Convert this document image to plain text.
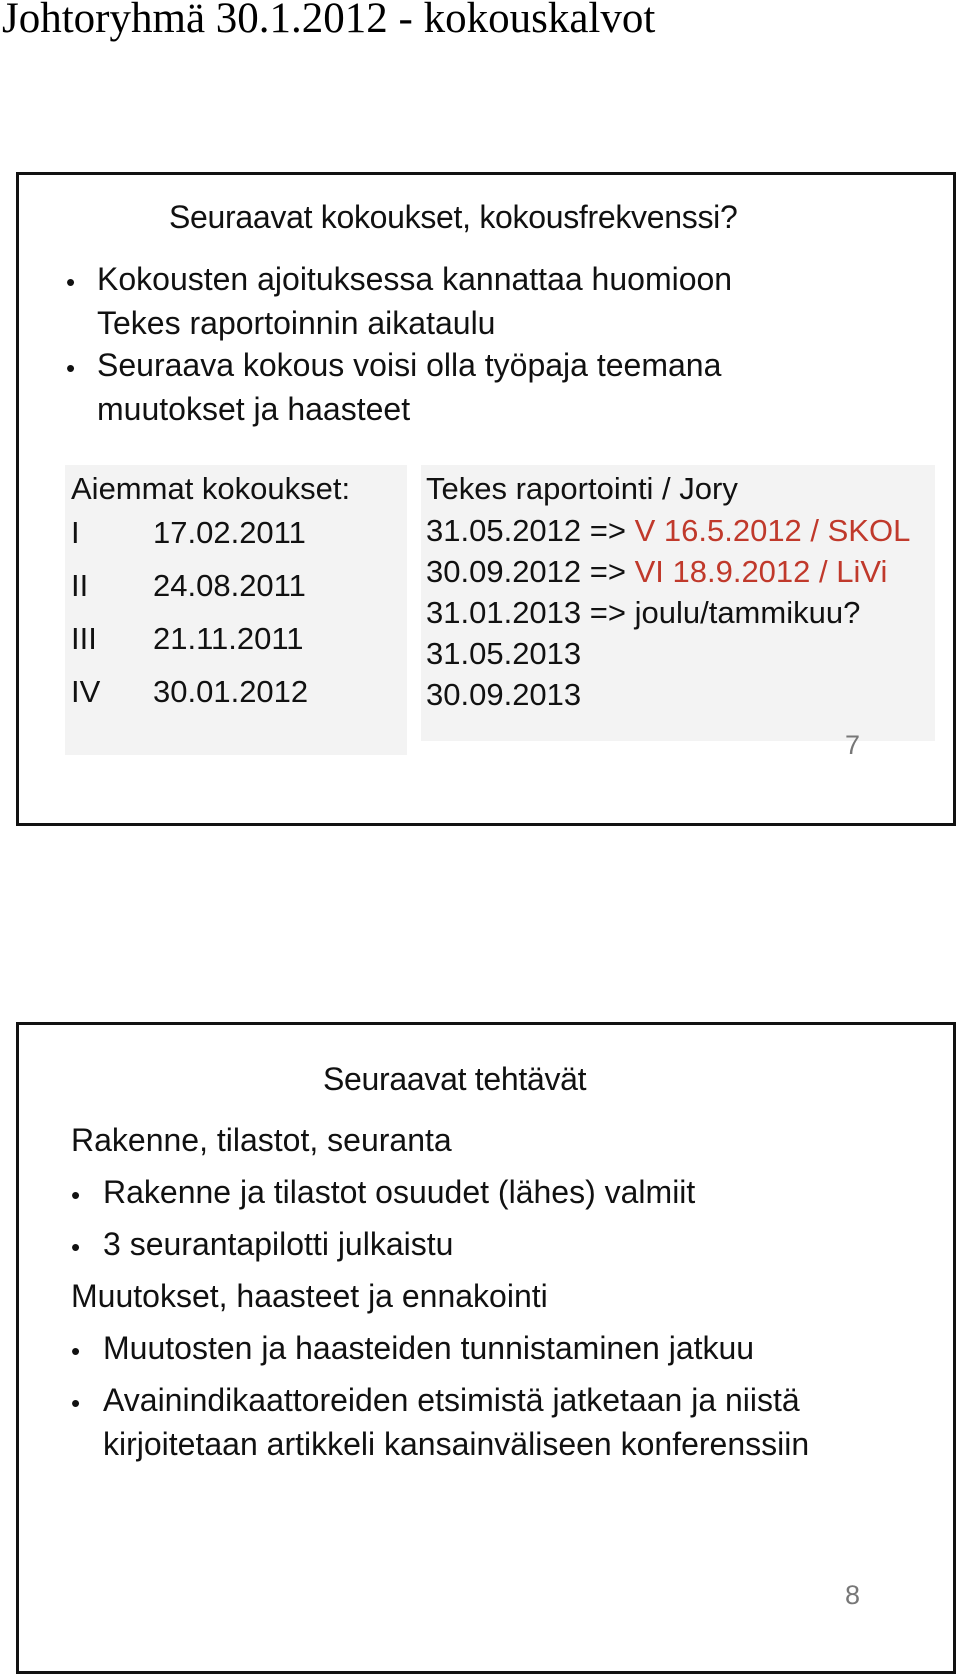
Johtoryhmä 30.1.2012 - kokouskalvot
Seuraavat kokoukset, kokousfrekvenssi?
• Kokousten ajoituksessa kannattaa huomioon
Tekes raportoinnin aikataulu
• Seuraava kokous voisi olla työpaja teemana
muutokset ja haasteet
Aiemmat kokoukset:
I 17.02.2011
II 24.08.2011
III 21.11.2011
IV 30.01.2012
Tekes raportointi / Jory
31.05.2012 => V 16.5.2012 / SKOL
30.09.2012 => VI 18.9.2012 / LiVi
31.01.2013 => joulu/tammikuu?
31.05.2013
30.09.2013
7
Seuraavat tehtävät
Rakenne, tilastot, seuranta
• Rakenne ja tilastot osuudet (lähes) valmiit
• 3 seurantapilotti julkaistu
Muutokset, haasteet ja ennakointi
• Muutosten ja haasteiden tunnistaminen jatkuu
• Avainindikaattoreiden etsimistä jatketaan ja niistä
kirjoitetaan artikkeli kansainväliseen konferenssiin
8
